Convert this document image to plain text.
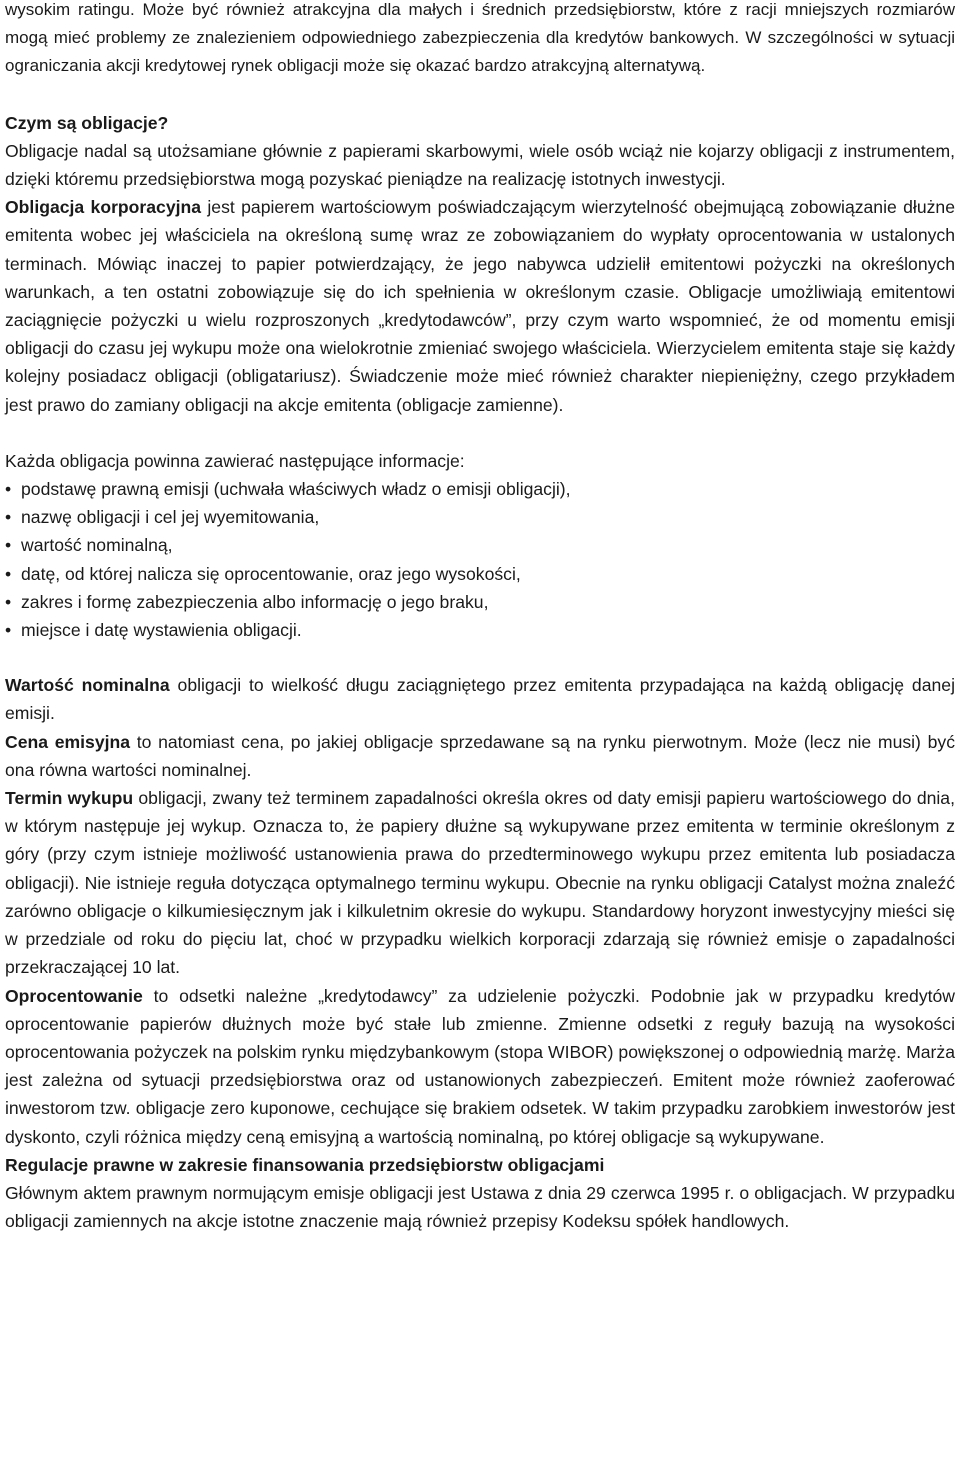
wysokim ratingu. Może być również atrakcyjna dla małych i średnich przedsiębiorstw, które z racji mniejszych rozmiarów mogą mieć problemy ze znalezieniem odpowiedniego zabezpieczenia dla kredytów bankowych. W szczególności w sytuacji ograniczania akcji kredytowej rynek obligacji może się okazać bardzo atrakcyjną alternatywą.

Czym są obligacje?

Obligacje nadal są utożsamiane głównie z papierami skarbowymi, wiele osób wciąż nie kojarzy obligacji z instrumentem, dzięki któremu przedsiębiorstwa mogą pozyskać pieniądze na realizację istotnych inwestycji.

Obligacja korporacyjna jest papierem wartościowym poświadczającym wierzytelność obejmującą zobowiązanie dłużne emitenta wobec jej właściciela na określoną sumę wraz ze zobowiązaniem do wypłaty oprocentowania w ustalonych terminach. Mówiąc inaczej to papier potwierdzający, że jego nabywca udzielił emitentowi pożyczki na określonych warunkach, a ten ostatni zobowiązuje się do ich spełnienia w określonym czasie. Obligacje umożliwiają emitentowi zaciągnięcie pożyczki u wielu rozproszonych „kredytodawców”, przy czym warto wspomnieć, że od momentu emisji obligacji do czasu jej wykupu może ona wielokrotnie zmieniać swojego właściciela. Wierzycielem emitenta staje się każdy kolejny posiadacz obligacji (obligatariusz). Świadczenie może mieć również charakter niepieniężny, czego przykładem jest prawo do zamiany obligacji na akcje emitenta (obligacje zamienne).

Każda obligacja powinna zawierać następujące informacje:

• podstawę prawną emisji (uchwała właściwych władz o emisji obligacji),
• nazwę obligacji i cel jej wyemitowania,
• wartość nominalną,
• datę, od której nalicza się oprocentowanie, oraz jego wysokości,
• zakres i formę zabezpieczenia albo informację o jego braku,
• miejsce i datę wystawienia obligacji.

Wartość nominalna obligacji to wielkość długu zaciągniętego przez emitenta przypadająca na każdą obligację danej emisji.

Cena emisyjna to natomiast cena, po jakiej obligacje sprzedawane są na rynku pierwotnym. Może (lecz nie musi) być ona równa wartości nominalnej.

Termin wykupu obligacji, zwany też terminem zapadalności określa okres od daty emisji papieru wartościowego do dnia, w którym następuje jej wykup. Oznacza to, że papiery dłużne są wykupywane przez emitenta w terminie określonym z góry (przy czym istnieje możliwość ustanowienia prawa do przedterminowego wykupu przez emitenta lub posiadacza obligacji). Nie istnieje reguła dotycząca optymalnego terminu wykupu. Obecnie na rynku obligacji Catalyst można znaleźć zarówno obligacje o kilkumiesięcznym jak i kilkuletnim okresie do wykupu. Standardowy horyzont inwestycyjny mieści się w przedziale od roku do pięciu lat, choć w przypadku wielkich korporacji zdarzają się również emisje o zapadalności przekraczającej 10 lat.

Oprocentowanie to odsetki należne „kredytodawcy” za udzielenie pożyczki. Podobnie jak w przypadku kredytów oprocentowanie papierów dłużnych może być stałe lub zmienne. Zmienne odsetki z reguły bazują na wysokości oprocentowania pożyczek na polskim rynku międzybankowym (stopa WIBOR) powiększonej o odpowiednią marżę. Marża jest zależna od sytuacji przedsiębiorstwa oraz od ustanowionych zabezpieczeń. Emitent może również zaoferować inwestorom tzw. obligacje zero kuponowe, cechujące się brakiem odsetek. W takim przypadku zarobkiem inwestorów jest dyskonto, czyli różnica między ceną emisyjną a wartością nominalną, po której obligacje są wykupywane.

Regulacje prawne w zakresie finansowania przedsiębiorstw obligacjami

Głównym aktem prawnym normującym emisje obligacji jest Ustawa z dnia 29 czerwca 1995 r. o obligacjach. W przypadku obligacji zamiennych na akcje istotne znaczenie mają również przepisy Kodeksu spółek handlowych.
